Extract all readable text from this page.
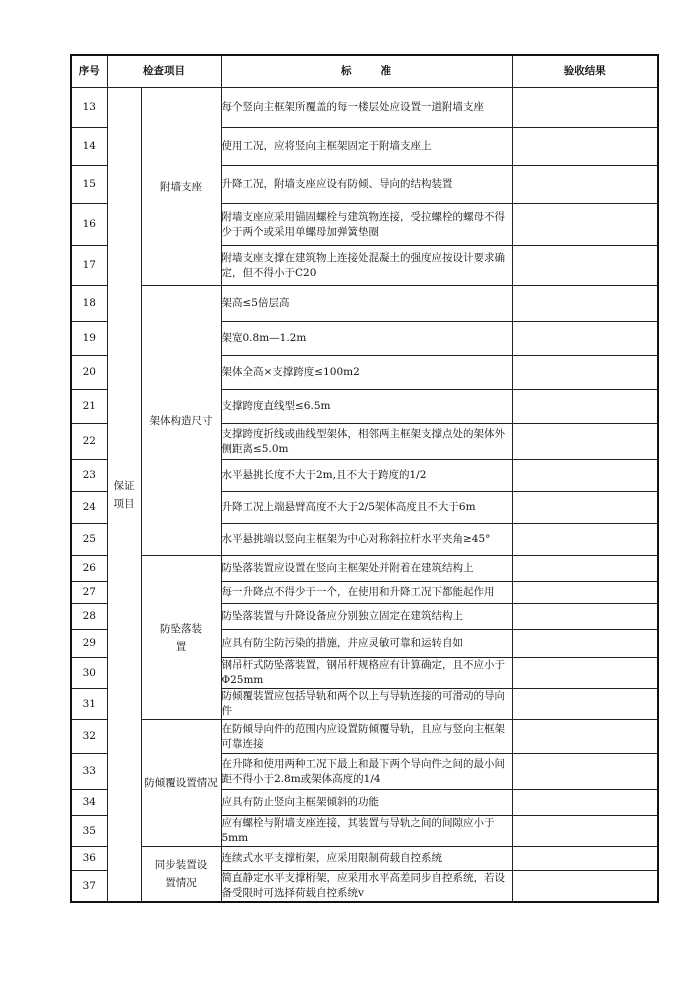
序号	检查项目		标      准	验收结果
13	保证项目	附墙支座	每个竖向主框架所覆盖的每一楼层处应设置一道附墙支座	
14			使用工况，应将竖向主框架固定于附墙支座上	
15			升降工况，附墙支座应设有防倾、导向的结构装置	
16			附墙支座应采用锚固螺栓与建筑物连接，受拉螺栓的螺母不得少于两个或采用单螺母加弹簧垫圈	
17			附墙支座支撑在建筑物上连接处混凝土的强度应按设计要求确定，但不得小于C20	
18		架体构造尺寸	架高≤5倍层高	
19			架宽0.8m—1.2m	
20			架体全高×支撑跨度≤100m2	
21			支撑跨度直线型≤6.5m	
22			支撑跨度折线或曲线型架体，相邻两主框架支撑点处的架体外侧距离≤5.0m	
23			水平悬挑长度不大于2m,且不大于跨度的1/2	
24			升降工况上端悬臂高度不大于2/5架体高度且不大于6m	
25			水平悬挑端以竖向主框架为中心对称斜拉杆水平夹角≥45°	
26		防坠落装置	防坠落装置应设置在竖向主框架处并附着在建筑结构上	
27			每一升降点不得少于一个，在使用和升降工况下都能起作用	
28			防坠落装置与升降设备应分别独立固定在建筑结构上	
29			应具有防尘防污染的措施，并应灵敏可靠和运转自如	
30			钢吊杆式防坠落装置，钢吊杆规格应有计算确定，且不应小于Φ25mm	
31			防倾覆装置应包括导轨和两个以上与导轨连接的可滑动的导向件	
32		防倾覆设置情况	在防倾导向件的范围内应设置防倾覆导轨，且应与竖向主框架可靠连接	
33			在升降和使用两种工况下最上和最下两个导向件之间的最小间距不得小于2.8m或架体高度的1/4	
34			应具有防止竖向主框架倾斜的功能	
35			应有螺栓与附墙支座连接，其装置与导轨之间的间隙应小于5mm	
36		同步装置设置情况	连续式水平支撑桁架，应采用限制荷载自控系统	
37			简直静定水平支撑桁架，应采用水平高差同步自控系统，若设备受限时可选择荷载自控系统v	
